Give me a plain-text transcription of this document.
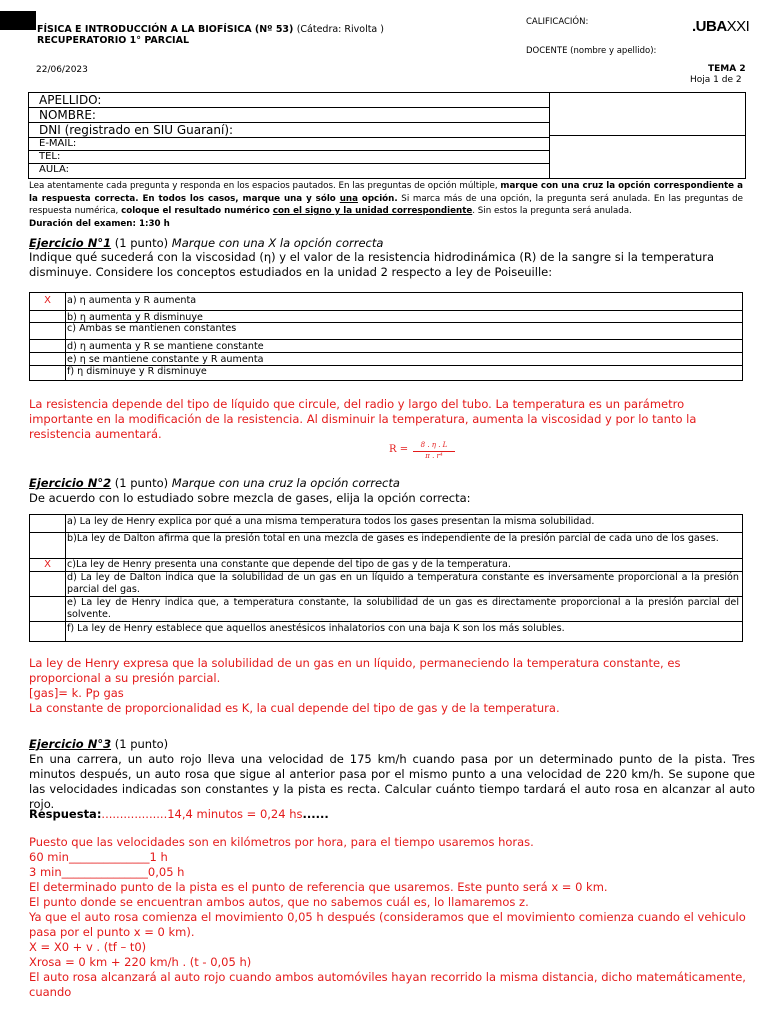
FÍSICA E INTRODUCCIÓN A LA BIOFÍSICA (Nº 53) (Cátedra: Rivolta )
RECUPERATORIO 1° PARCIAL
.UBAXXI
22/06/2023	TEMA 2
Hoja 1 de 2
APELLIDO:
NOMBRE:
DNI (registrado en SIU Guaraní):
E-MAIL:
TEL:
AULA:
CALIFICACIÓN:
DOCENTE (nombre y apellido):
Lea atentamente cada pregunta y responda en los espacios pautados. En las preguntas de opción múltiple, marque con una cruz la opción correspondiente a la respuesta correcta. En todos los casos, marque una y sólo una opción. Si marca más de una opción, la pregunta será anulada. En las preguntas de respuesta numérica, coloque el resultado numérico con el signo y la unidad correspondiente. Sin estos la pregunta será anulada.
Duración del examen: 1:30 h
Ejercicio N°1 (1 punto) Marque con una X la opción correcta
Indique qué sucederá con la viscosidad (η) y el valor de la resistencia hidrodinámica (R) de la sangre si la temperatura disminuye. Considere los conceptos estudiados en la unidad 2 respecto a ley de Poiseuille:
X	a) η aumenta y R aumenta
b) η aumenta y R disminuye
c) Ambas se mantienen constantes
d) η aumenta y R se mantiene constante
e) η se mantiene constante y R aumenta
f) η disminuye y R disminuye
La resistencia depende del tipo de líquido que circule, del radio y largo del tubo. La temperatura es un parámetro importante en la modificación de la resistencia. Al disminuir la temperatura, aumenta la viscosidad y por lo tanto la resistencia aumentará.
R =	8 . η . L
π . r⁴
Ejercicio N°2 (1 punto) Marque con una cruz la opción correcta
De acuerdo con lo estudiado sobre mezcla de gases, elija la opción correcta:
a) La ley de Henry explica por qué a una misma temperatura todos los gases presentan la misma solubilidad.
b)La ley de Dalton afirma que la presión total en una mezcla de gases es independiente de la presión parcial de cada uno de los gases.
X	c)La ley de Henry presenta una constante que depende del tipo de gas y de la temperatura.
d) La ley de Dalton indica que la solubilidad de un gas en un líquido a temperatura constante es inversamente proporcional a la presión parcial del gas.
e) La ley de Henry indica que, a temperatura constante, la solubilidad de un gas es directamente proporcional a la presión parcial del solvente.
f) La ley de Henry establece que aquellos anestésicos inhalatorios con una baja K son los más solubles.
La ley de Henry expresa que la solubilidad de un gas en un líquido, permaneciendo la temperatura constante, es proporcional a su presión parcial.
[gas]= k. Pp gas
La constante de proporcionalidad es K, la cual depende del tipo de gas y de la temperatura.
Ejercicio N°3 (1 punto)
En una carrera, un auto rojo lleva una velocidad de 175 km/h cuando pasa por un determinado punto de la pista. Tres minutos después, un auto rosa que sigue al anterior pasa por el mismo punto a una velocidad de 220 km/h. Se supone que las velocidades indicadas son constantes y la pista es recta. Calcular cuánto tiempo tardará el auto rosa en alcanzar al auto rojo.
Respuesta:..................14,4 minutos = 0,24 hs......
Puesto que las velocidades son en kilómetros por hora, para el tiempo usaremos horas.
60 min______________1 h
3 min_______________0,05 h
El determinado punto de la pista es el punto de referencia que usaremos. Este punto será x = 0 km.
El punto donde se encuentran ambos autos, que no sabemos cuál es, lo llamaremos z.
Ya que el auto rosa comienza el movimiento 0,05 h después (consideramos que el movimiento comienza cuando el vehiculo pasa por el punto x = 0 km).
X = X0 + v . (tf – t0)
Xrosa = 0 km + 220 km/h . (t - 0,05 h)
El auto rosa alcanzará al auto rojo cuando ambos automóviles hayan recorrido la misma distancia, dicho matemáticamente, cuando
